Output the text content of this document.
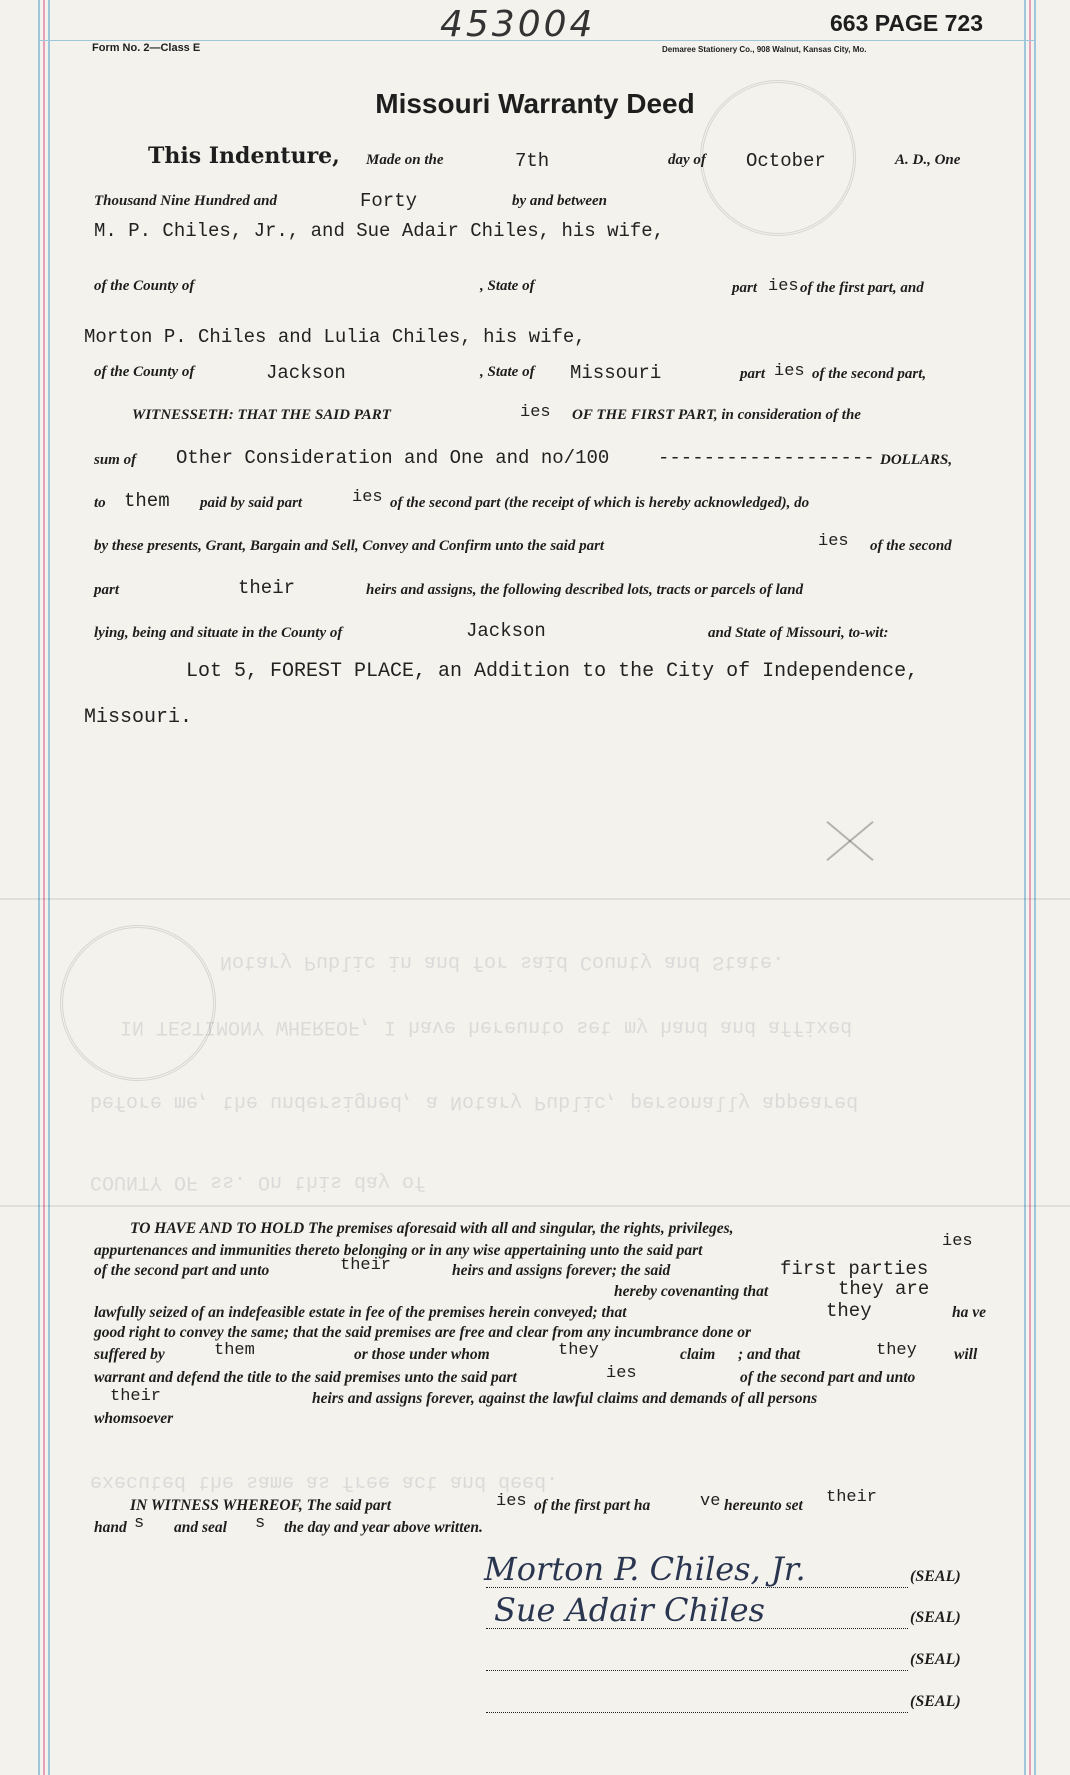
Notary Public in and for said County and State.
IN TESTIMONY WHEREOF, I have hereunto set my hand and affixed
before me, the undersigned, a Notary Public, personally appeared
COUNTY OF ss. On this day of
executed the same as free act and deed.
453004	663 PAGE 723
Form No. 2—Class E	Demaree Stationery Co., 908 Walnut, Kansas City, Mo.
Missouri Warranty Deed
This Indenture, Made on the	7th	day of October	A. D., One
Thousand Nine Hundred and	Forty	by and between
M. P. Chiles, Jr., and Sue Adair Chiles, his wife,
of the County of	, State of	part ies of the first part, and
Morton P. Chiles and Lulia Chiles, his wife,
of the County of	Jackson	, State of Missouri	part ies of the second part,
WITNESSETH: THAT THE SAID PART	ies OF THE FIRST PART, in consideration of the
sum of Other Consideration and One and no/100	------------------- DOLLARS,
to them paid by said part	ies of the second part (the receipt of which is hereby acknowledged), do
by these presents, Grant, Bargain and Sell, Convey and Confirm unto the said part	ies of the second
part	their	heirs and assigns, the following described lots, tracts or parcels of land
lying, being and situate in the County of	Jackson	and State of Missouri, to-wit:
Lot 5, FOREST PLACE, an Addition to the City of Independence,
Missouri.
TO HAVE AND TO HOLD The premises aforesaid with all and singular, the rights, privileges,
appurtenances and immunities thereto belonging or in any wise appertaining unto the said part	ies
of the second part and unto	their	heirs and assigns forever; the said	first parties
hereby covenanting that	they are
lawfully seized of an indefeasible estate in fee of the premises herein conveyed; that	they	ha ve
good right to convey the same; that the said premises are free and clear from any incumbrance done or
suffered by	them	or those under whom	they	claim ; and that	they will
warrant and defend the title to the said premises unto the said part	ies	of the second part and unto
their	heirs and assigns forever, against the lawful claims and demands of all persons
whomsoever
IN WITNESS WHEREOF, The said part	ies of the first part ha	ve hereunto set their
hand s and seal s the day and year above written.
Morton P. Chiles, Jr.	(SEAL)
Sue Adair Chiles	(SEAL)
(SEAL)
(SEAL)
